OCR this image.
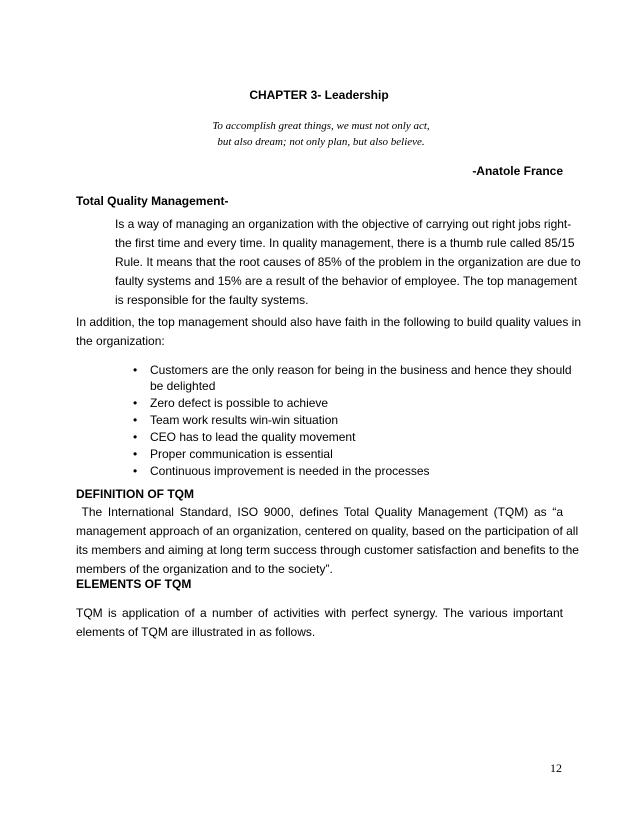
CHAPTER 3- Leadership
To accomplish great things, we must not only act,
but also dream; not only plan, but also believe.
-Anatole France
Total Quality Management-
Is a way of managing an organization with the objective of carrying out right jobs right-
the first time and every time. In quality management, there is a thumb rule called 85/15
Rule. It means that the root causes of 85% of the problem in the organization are due to
faulty systems and 15% are a result of the behavior of employee. The top management
is responsible for the faulty systems.
In addition, the top management should also have faith in the following to build quality values in
the organization:
• Customers are the only reason for being in the business and hence they should
be delighted
• Zero defect is possible to achieve
• Team work results win-win situation
• CEO has to lead the quality movement
• Proper communication is essential
• Continuous improvement is needed in the processes
DEFINITION OF TQM
The International Standard, ISO 9000, defines Total Quality Management (TQM) as “a
management approach of an organization, centered on quality, based on the participation of all
its members and aiming at long term success through customer satisfaction and benefits to the
members of the organization and to the society”.
ELEMENTS OF TQM
TQM is application of a number of activities with perfect synergy. The various important
elements of TQM are illustrated in as follows.
12
